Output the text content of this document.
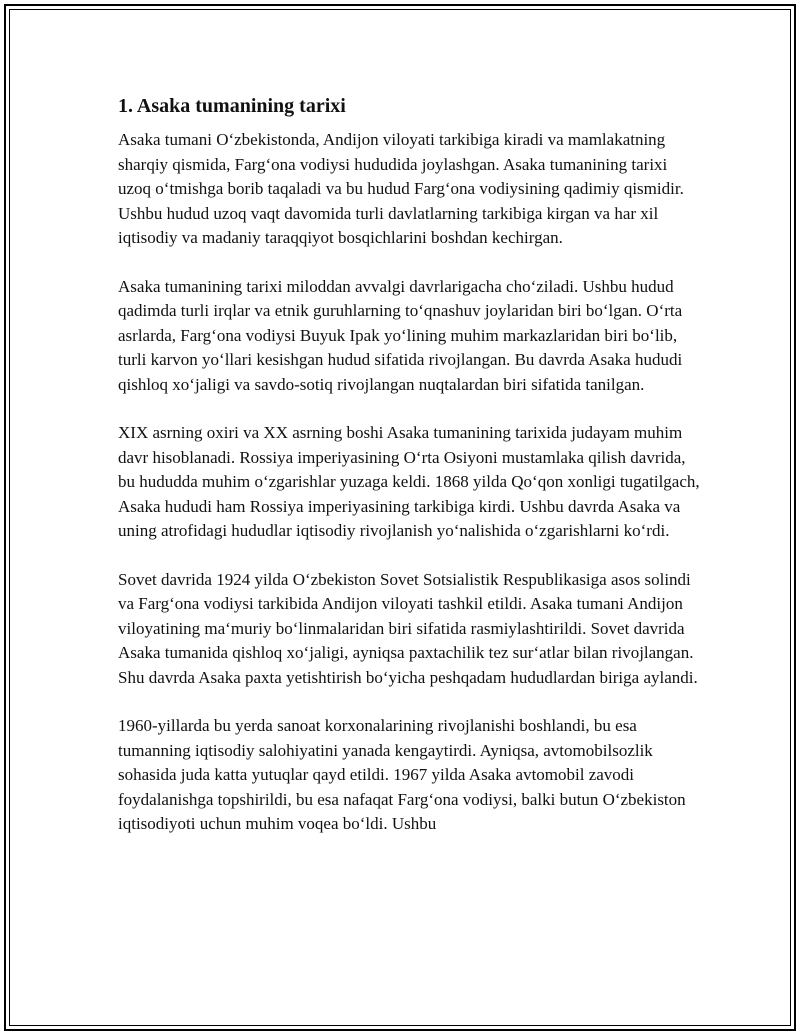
1. Asaka tumanining tarixi

Asaka tumani O‘zbekistonda, Andijon viloyati tarkibiga kiradi va mamlakatning sharqiy qismida, Farg‘ona vodiysi hududida joylashgan. Asaka tumanining tarixi uzoq o‘tmishga borib taqaladi va bu hudud Farg‘ona vodiysining qadimiy qismidir. Ushbu hudud uzoq vaqt davomida turli davlatlarning tarkibiga kirgan va har xil iqtisodiy va madaniy taraqqiyot bosqichlarini boshdan kechirgan.

Asaka tumanining tarixi miloddan avvalgi davrlarigacha cho‘ziladi. Ushbu hudud qadimda turli irqlar va etnik guruhlarning to‘qnashuv joylaridan biri bo‘lgan. O‘rta asrlarda, Farg‘ona vodiysi Buyuk Ipak yo‘lining muhim markazlaridan biri bo‘lib, turli karvon yo‘llari kesishgan hudud sifatida rivojlangan. Bu davrda Asaka hududi qishloq xo‘jaligi va savdo-sotiq rivojlangan nuqtalardan biri sifatida tanilgan.

XIX asrning oxiri va XX asrning boshi Asaka tumanining tarixida judayam muhim davr hisoblanadi. Rossiya imperiyasining O‘rta Osiyoni mustamlaka qilish davrida, bu hududda muhim o‘zgarishlar yuzaga keldi. 1868 yilda Qo‘qon xonligi tugatilgach, Asaka hududi ham Rossiya imperiyasining tarkibiga kirdi. Ushbu davrda Asaka va uning atrofidagi hududlar iqtisodiy rivojlanish yo‘nalishida o‘zgarishlarni ko‘rdi.

Sovet davrida 1924 yilda O‘zbekiston Sovet Sotsialistik Respublikasiga asos solindi va Farg‘ona vodiysi tarkibida Andijon viloyati tashkil etildi. Asaka tumani Andijon viloyatining ma‘muriy bo‘linmalaridan biri sifatida rasmiylashtirildi. Sovet davrida Asaka tumanida qishloq xo‘jaligi, ayniqsa paxtachilik tez sur‘atlar bilan rivojlangan. Shu davrda Asaka paxta yetishtirish bo‘yicha peshqadam hududlardan biriga aylandi.

1960-yillarda bu yerda sanoat korxonalarining rivojlanishi boshlandi, bu esa tumanning iqtisodiy salohiyatini yanada kengaytirdi. Ayniqsa, avtomobilsozlik sohasida juda katta yutuqlar qayd etildi. 1967 yilda Asaka avtomobil zavodi foydalanishga topshirildi, bu esa nafaqat Farg‘ona vodiysi, balki butun O‘zbekiston iqtisodiyoti uchun muhim voqea bo‘ldi. Ushbu
